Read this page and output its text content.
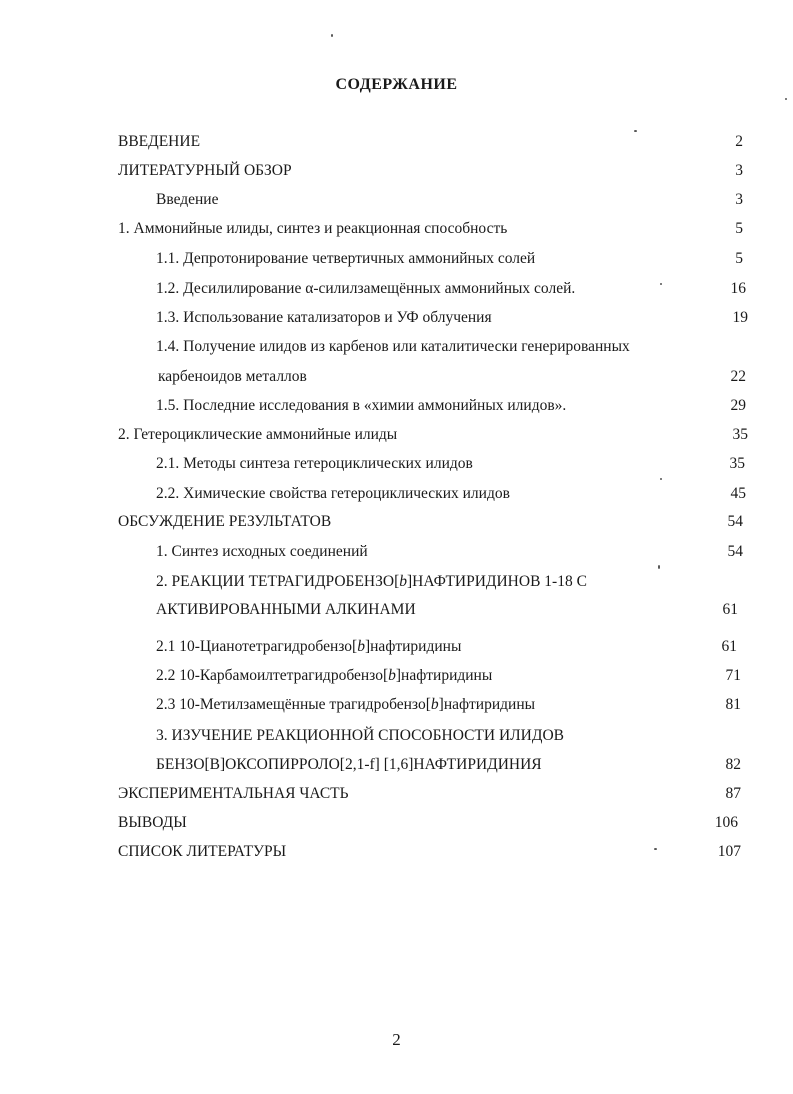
СОДЕРЖАНИЕ
ВВЕДЕНИЕ	2
ЛИТЕРАТУРНЫЙ ОБЗОР	3
Введение	3
1. Аммонийные илиды, синтез и реакционная способность	5
1.1. Депротонирование четвертичных аммонийных солей	5
1.2. Десилилирование α-силилзамещённых аммонийных солей.	16
1.3. Использование катализаторов и УФ облучения	19
1.4. Получение илидов из карбенов или каталитически генерированных
карбеноидов металлов	22
1.5. Последние исследования в «химии аммонийных илидов».	29
2. Гетероциклические аммонийные илиды	35
2.1. Методы синтеза гетероциклических илидов	35
2.2. Химические свойства гетероциклических илидов	45
ОБСУЖДЕНИЕ РЕЗУЛЬТАТОВ	54
1. Синтез исходных соединений	54
2. РЕАКЦИИ ТЕТРАГИДРОБЕНЗО[b]НАФТИРИДИНОВ 1-18 С
АКТИВИРОВАННЫМИ АЛКИНАМИ	61
2.1 10-Цианотетрагидробензо[b]нафтиридины	61
2.2 10-Карбамоилтетрагидробензо[b]нафтиридины	71
2.3 10-Метилзамещённые трагидробензо[b]нафтиридины	81
3. ИЗУЧЕНИЕ РЕАКЦИОННОЙ СПОСОБНОСТИ ИЛИДОВ
БЕНЗО[B]ОКСОПИРРОЛО[2,1-f] [1,6]НАФТИРИДИНИЯ	82
ЭКСПЕРИМЕНТАЛЬНАЯ ЧАСТЬ	87
ВЫВОДЫ	106
СПИСОК ЛИТЕРАТУРЫ	107
2
